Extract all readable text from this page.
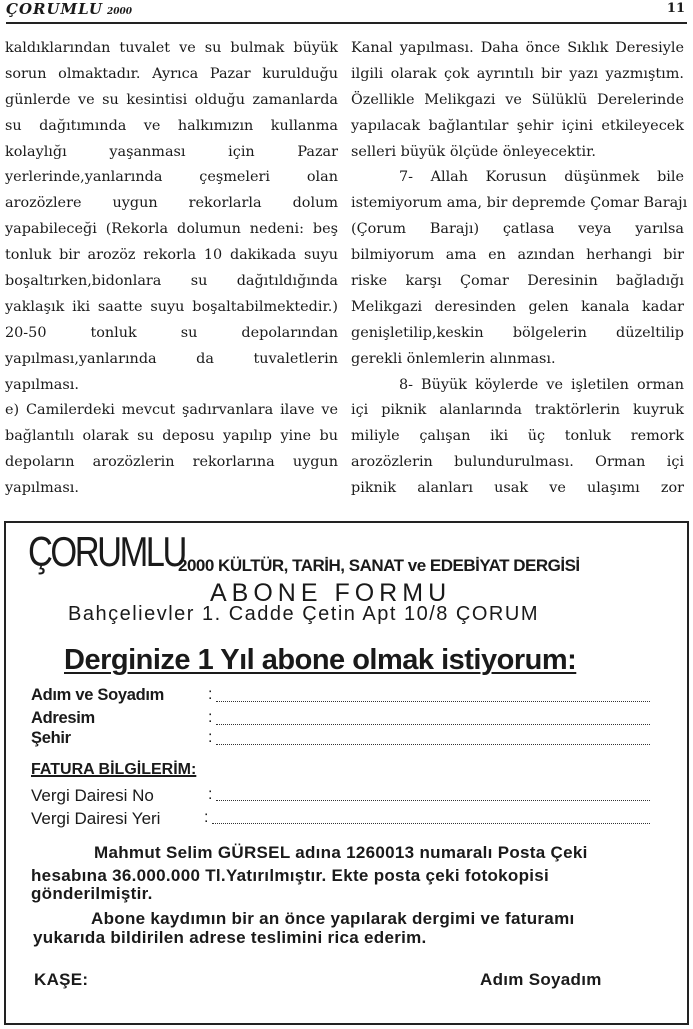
ÇORUMLU 2000	11
kaldıklarından tuvalet ve su bulmak büyük
sorun olmaktadır. Ayrıca Pazar kurulduğu
günlerde ve su kesintisi olduğu zamanlarda
su dağıtımında ve halkımızın kullanma
kolaylığı yaşanması için Pazar
yerlerinde,yanlarında çeşmeleri olan
arozözlere uygun rekorlarla dolum
yapabileceği (Rekorla dolumun nedeni: beş
tonluk bir arozöz rekorla 10 dakikada suyu
boşaltırken,bidonlara su dağıtıldığında
yaklaşık iki saatte suyu boşaltabilmektedir.)
20-50 tonluk su depolarından
yapılması,yanlarında da tuvaletlerin
yapılması.
e) Camilerdeki mevcut şadırvanlara ilave ve
bağlantılı olarak su deposu yapılıp yine bu
depoların arozözlerin rekorlarına uygun
yapılması.
Kanal yapılması. Daha önce Sıklık Deresiyle
ilgili olarak çok ayrıntılı bir yazı yazmıştım.
Özellikle Melikgazi ve Sülüklü Derelerinde
yapılacak bağlantılar şehir içini etkileyecek
selleri büyük ölçüde önleyecektir.
7- Allah Korusun düşünmek bile
istemiyorum ama, bir depremde Çomar Barajı
(Çorum Barajı) çatlasa veya yarılsa
bilmiyorum ama en azından herhangi bir
riske karşı Çomar Deresinin bağladığı
Melikgazi deresinden gelen kanala kadar
genişletilip,keskin bölgelerin düzeltilip
gerekli önlemlerin alınması.
8- Büyük köylerde ve işletilen orman
içi piknik alanlarında traktörlerin kuyruk
miliyle çalışan iki üç tonluk remork
arozözlerin bulundurulması. Orman içi
piknik alanları usak ve ulaşımı zor
ÇORUMLU
2000 KÜLTÜR, TARİH, SANAT ve EDEBİYAT DERGİSİ
ABONE FORMU
Bahçelievler 1. Cadde Çetin Apt 10/8 ÇORUM
Derginize 1 Yıl abone olmak istiyorum:
Adım ve Soyadım	:
Adresim	:
Şehir	:
FATURA BİLGİLERİM:
Vergi Dairesi No	:
Vergi Dairesi Yeri	:
Mahmut Selim GÜRSEL adına 1260013 numaralı Posta Çeki
hesabına 36.000.000 Tl.Yatırılmıştır. Ekte posta çeki fotokopisi
gönderilmiştir.
Abone kaydımın bir an önce yapılarak dergimi ve faturamı
yukarıda bildirilen adrese teslimini rica ederim.
KAŞE:	Adım Soyadım
